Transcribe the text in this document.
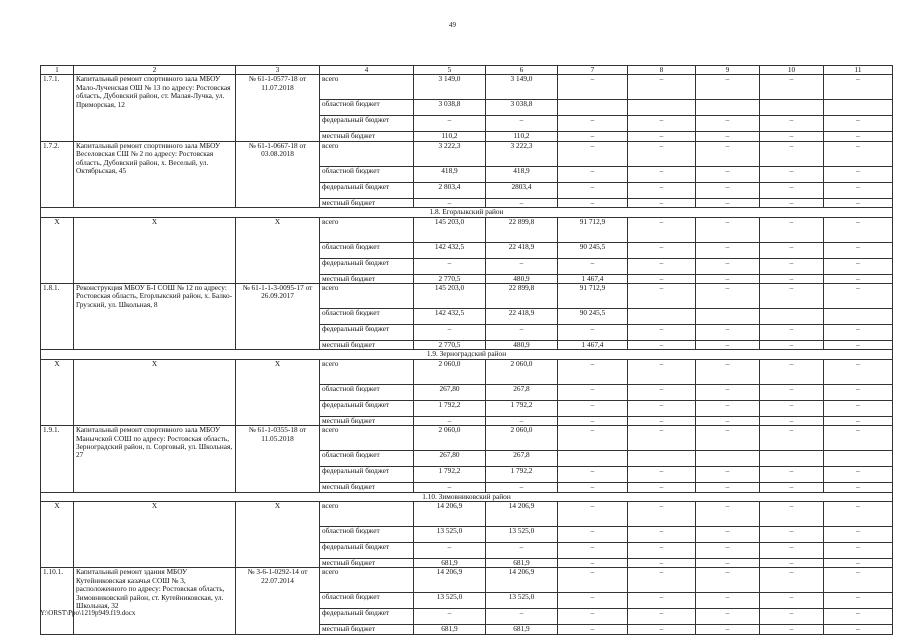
49
1	2	3	4	5	6	7	8	9	10	11
1.7.1.	Капитальный ремонт спортивного зала МБОУ Мало-Лученская ОШ № 13 по адресу: Ростовская область, Дубовский район, ст. Малая-Лучка, ул. Приморская, 12	№ 61-1-0577-18 от 11.07.2018	всего	3 149,0	3 149,0	–	–	–	–	–
			областной бюджет	3 038,8	3 038,8					
			федеральный бюджет	–	–	–	–	–	–	–
			местный бюджет	110,2	110,2	–	–	–	–	–
1.7.2.	Капитальный ремонт спортивного зала МБОУ Веселовская СШ № 2 по адресу: Ростовская область, Дубовский район, х. Веселый, ул. Октябрьская, 45	№ 61-1-0667-18 от 03.08.2018	всего	3 222,3	3 222,3	–	–	–	–	–
			областной бюджет	418,9	418,9	–	–	–	–	–
			федеральный бюджет	2 803,4	2803,4	–	–	–	–	–
			местный бюджет	–	–	–	–	–	–	–
1.8. Егорлыкский район										
Х	Х	Х	всего	145 203,0	22 899,8	91 712,9	–	–	–	–
			областной бюджет	142 432,5	22 418,9	90 245,5	–	–	–	–
			федеральный бюджет	–	–	–	–	–	–	–
			местный бюджет	2 770,5	480,9	1 467,4	–	–	–	–
1.8.1.	Реконструкция МБОУ Б-І СОШ № 12 по адресу: Ростовская область, Егорлыкский район, х. Балко-Грузский, ул. Школьная, 8	№ 61-1-1-3-0095-17 от 26.09.2017	всего	145 203,0	22 899,8	91 712,9	–	–	–	–
			областной бюджет	142 432,5	22 418,9	90 245,5				
			федеральный бюджет	–	–	–	–	–	–	–
			местный бюджет	2 770,5	480,9	1 467,4	–	–	–	–
1.9. Зерноградский район										
Х	Х	Х	всего	2 060,0	2 060,0	–	–	–	–	–
			областной бюджет	267,80	267,8	–	–	–	–	–
			федеральный бюджет	1 792,2	1 792,2	–	–	–	–	–
			местный бюджет	–	–	–	–	–	–	–
1.9.1.	Капитальный ремонт спортивного зала МБОУ Манычской СОШ по адресу: Ростовская область, Зерноградский район, п. Сорговый, ул. Школьная, 27	№ 61-1-0355-18 от 11.05.2018	всего	2 060,0	2 060,0	–	–	–	–	–
			областной бюджет	267,80	267,8					
			федеральный бюджет	1 792,2	1 792,2	–	–	–	–	–
			местный бюджет	–	–	–	–	–	–	–
1.10. Зимовниковский район										
Х	Х	Х	всего	14 206,9	14 206,9	–	–	–	–	–
			областной бюджет	13 525,0	13 525,0	–	–	–	–	–
			федеральный бюджет	–	–	–	–	–	–	–
			местный бюджет	681,9	681,9	–	–	–	–	–
1.10.1.	Капитальный ремонт здания МБОУ Кутейниковская казачья СОШ № 3, расположенного по адресу: Ростовская область, Зимовниковский район, ст. Кутейниковская, ул. Школьная, 32	№ 3-6-1-0292-14 от 22.07.2014	всего	14 206,9	14 206,9	–	–	–	–	–
			областной бюджет	13 525,0	13 525,0	–	–	–	–	–
			федеральный бюджет	–	–	–	–	–	–	–
			местный бюджет	681,9	681,9	–	–	–	–	–
Y:\ORST\Ppo\1219p949.f19.docx
